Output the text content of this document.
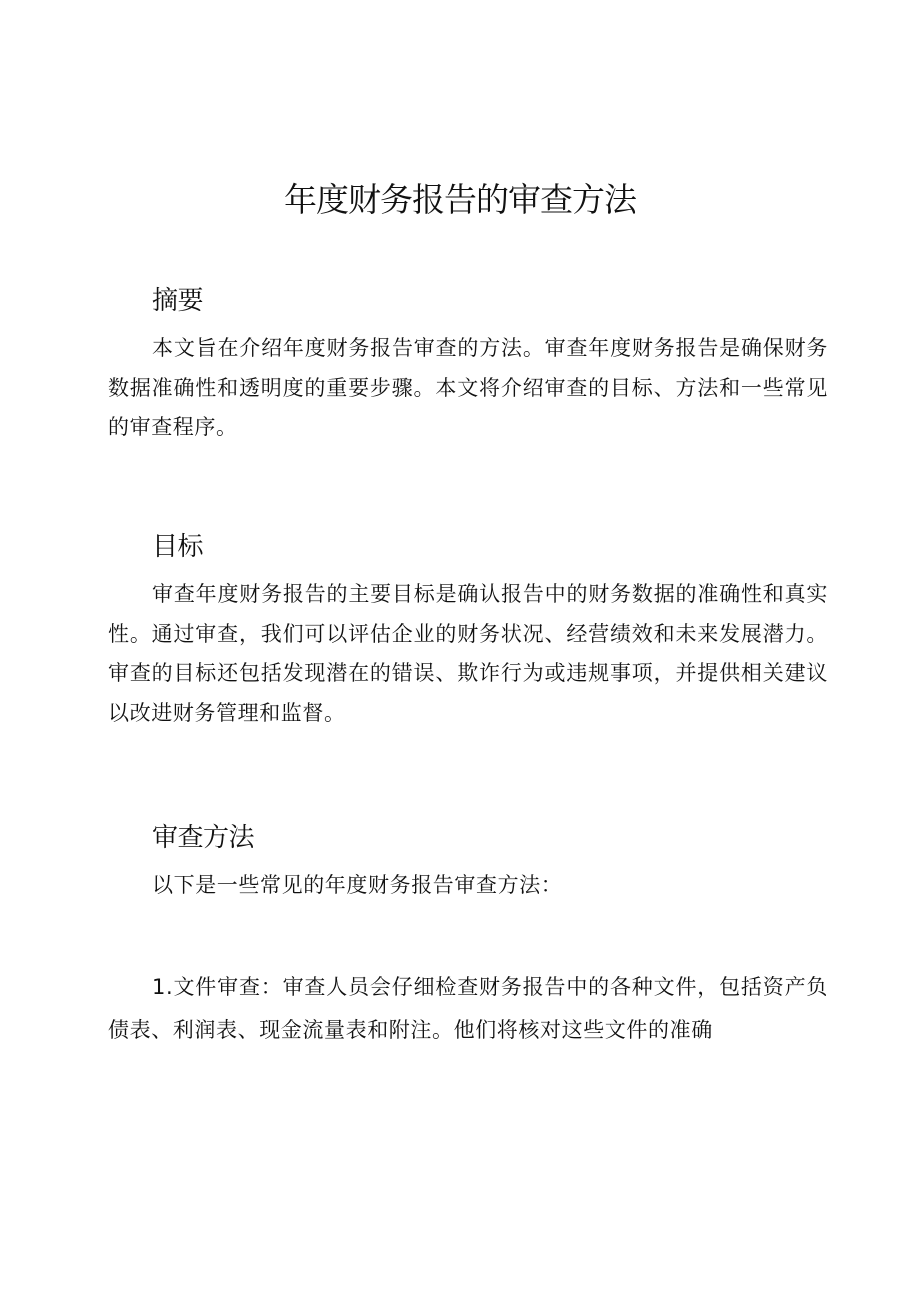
年度财务报告的审查方法
摘要

本文旨在介绍年度财务报告审查的方法。审查年度财务报告是确保财务数据准确性和透明度的重要步骤。本文将介绍审查的目标、方法和一些常见的审查程序。

目标

审查年度财务报告的主要目标是确认报告中的财务数据的准确性和真实性。通过审查，我们可以评估企业的财务状况、经营绩效和未来发展潜力。审查的目标还包括发现潜在的错误、欺诈行为或违规事项，并提供相关建议以改进财务管理和监督。

审查方法

以下是一些常见的年度财务报告审查方法：

1.文件审查：审查人员会仔细检查财务报告中的各种文件，包括资产负债表、利润表、现金流量表和附注。他们将核对这些文件的准确
